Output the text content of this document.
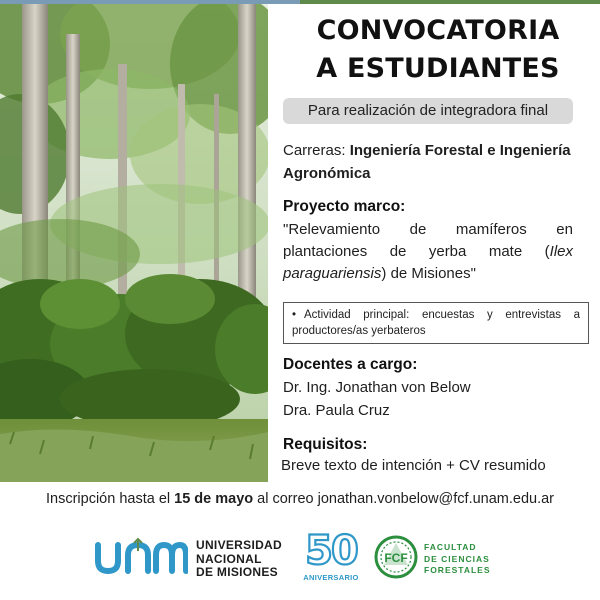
CONVOCATORIA
A ESTUDIANTES
Para realización de integradora final
Carreras: Ingeniería Forestal e Ingeniería
Agronómica
Proyecto marco:
"Relevamiento de mamíferos en plantaciones de yerba mate (Ilex paraguariensis) de Misiones"
• Actividad principal: encuestas y entrevistas a productores/as yerbateros
Docentes a cargo:
Dr. Ing. Jonathan von Below
Dra. Paula Cruz
Requisitos:
Breve texto de intención + CV resumido
Inscripción hasta el 15 de mayo al correo jonathan.vonbelow@fcf.unam.edu.ar
UNIVERSIDAD
NACIONAL
DE MISIONES 50
ANIVERSARIO
FCF
FACULTAD
DE CIENCIAS
FORESTALES
